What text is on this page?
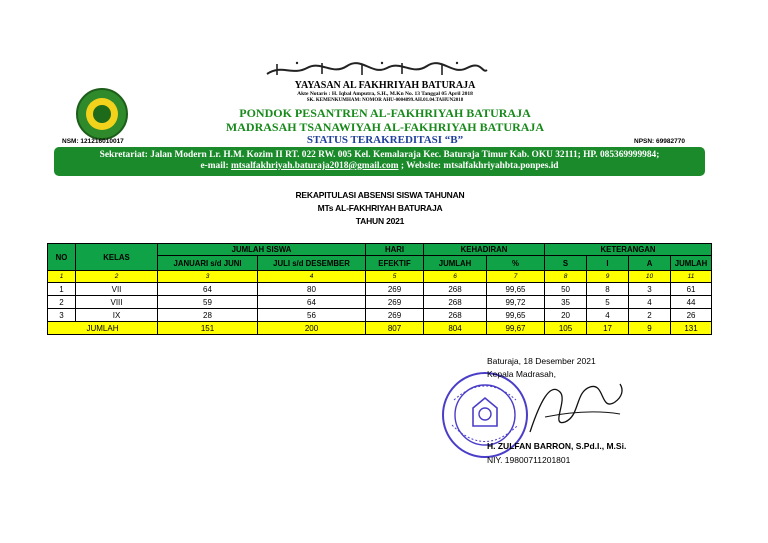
YAYASAN AL FAKHRIYAH BATURAJA
Akte Notaris : H. Iqbal Amputra, S.H., M.Kn No. 13 Tanggal 05 April 2018
SK. KEMENKUMHAM: NOMOR AHU-0004899.AH.01.04.TAHUN2018
PONDOK PESANTREN AL-FAKHRIYAH BATURAJA
MADRASAH TSANAWIYAH AL-FAKHRIYAH BATURAJA
STATUS TERAKREDITASI “B”
NSM: 121216010017	NPSN: 69982770
Sekretariat: Jalan Modern Lr. H.M. Kozim II RT. 022 RW. 005 Kel. Kemalaraja Kec. Baturaja Timur Kab. OKU 32111; HP. 085369999984;
e-mail: mtsalfakhriyah.baturaja2018@gmail.com ; Website: mtsalfakhriyahbta.ponpes.id
REKAPITULASI ABSENSI SISWA TAHUNAN
MTs AL-FAKHRIYAH BATURAJA
TAHUN 2021
NO	KELAS	JUMLAH SISWA		HARI	KEHADIRAN		KETERANGAN			
		JANUARI s/d JUNI	JULI s/d DESEMBER	EFEKTIF	JUMLAH	%	S	I	A	JUMLAH
1	2	3	4	5	6	7	8	9	10	11
1	VII	64	80	269	268	99,65	50	8	3	61
2	VIII	59	64	269	268	99,72	35	5	4	44
3	IX	28	56	269	268	99,65	20	4	2	26
JUMLAH		151	200	807	804	99,67	105	17	9	131
Baturaja, 18 Desember 2021
Kepala Madrasah,
H. ZULFAN BARRON, S.Pd.I., M.Si.
NIY. 19800711201801
